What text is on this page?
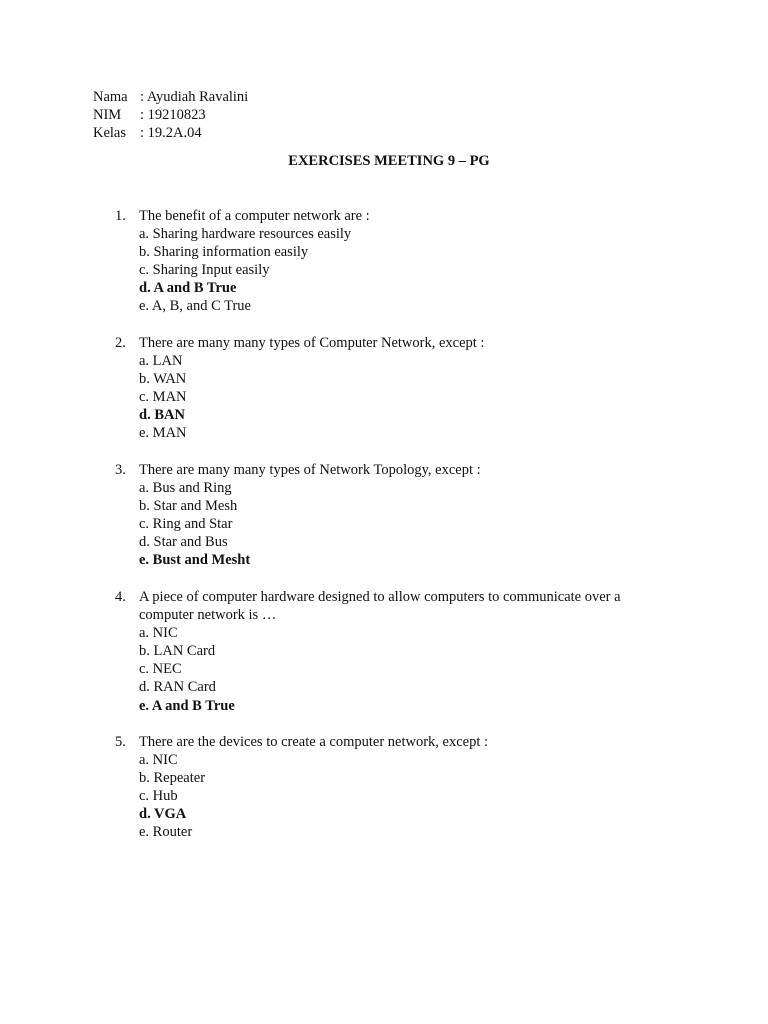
Nama : Ayudiah Ravalini
NIM	: 19210823
Kelas : 19.2A.04
EXERCISES MEETING 9 – PG
1. The benefit of a computer network are :
a. Sharing hardware resources easily
b. Sharing information easily
c. Sharing Input easily
d. A and B True
e. A, B, and C True
2. There are many many types of Computer Network, except :
a. LAN
b. WAN
c. MAN
d. BAN
e. MAN
3. There are many many types of Network Topology, except :
a. Bus and Ring
b. Star and Mesh
c. Ring and Star
d. Star and Bus
e. Bust and Mesht
4. A piece of computer hardware designed to allow computers to communicate over a computer network is …
a. NIC
b. LAN Card
c. NEC
d. RAN Card
e. A and B True
5. There are the devices to create a computer network, except :
a. NIC
b. Repeater
c. Hub
d. VGA
e. Router
